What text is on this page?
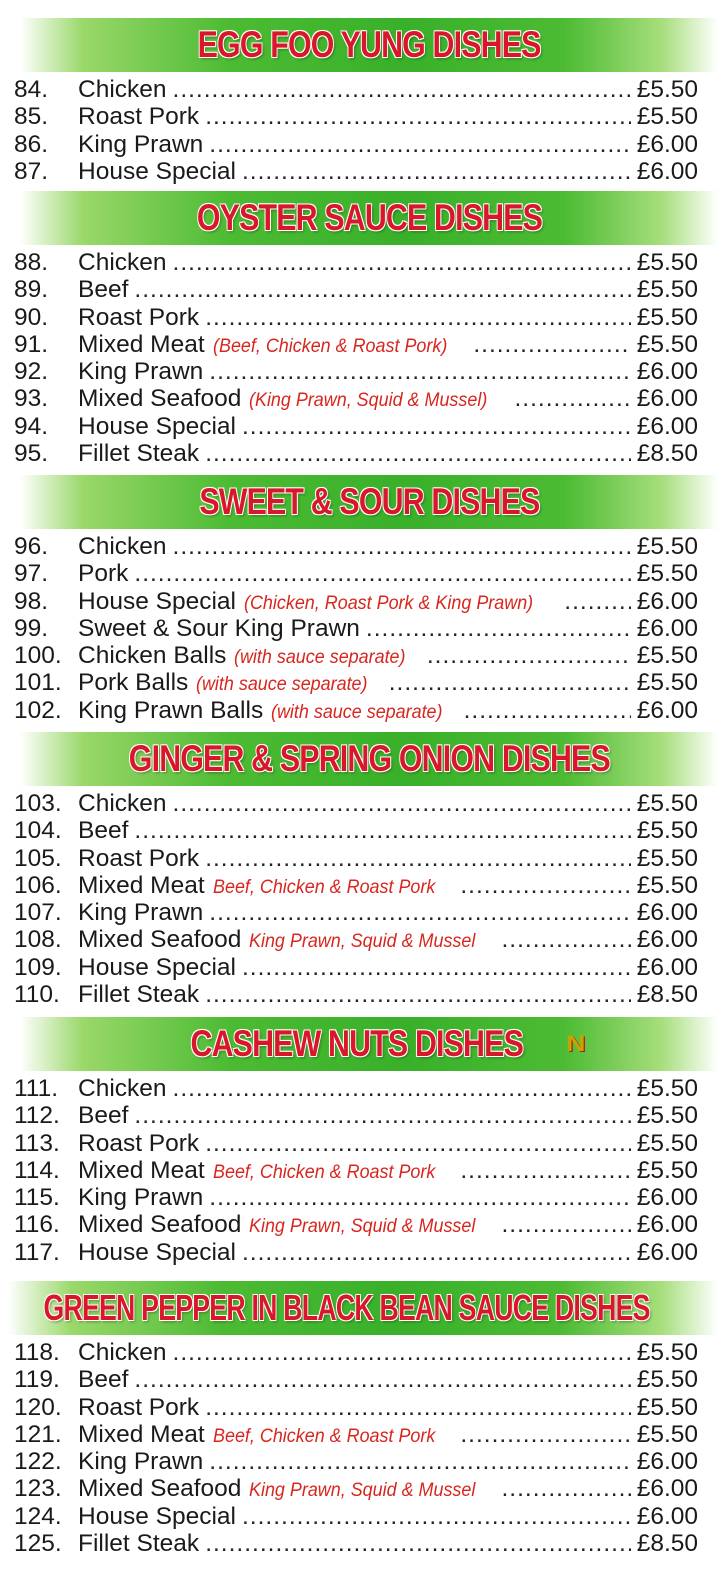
EGG FOO YUNG DISHES
84.	Chicken .....	£5.50
85.	Roast Pork .....	£5.50
86.	King Prawn .....	£6.00
87.	House Special .....	£6.00
OYSTER SAUCE DISHES
88.	Chicken .....	£5.50
89.	Beef .....	£5.50
90.	Roast Pork .....	£5.50
91.	Mixed Meat (Beef, Chicken & Roast Pork) .....	£5.50
92.	King Prawn .....	£6.00
93.	Mixed Seafood (King Prawn, Squid & Mussel) .....	£6.00
94.	House Special .....	£6.00
95.	Fillet Steak .....	£8.50
SWEET & SOUR DISHES
96.	Chicken .....	£5.50
97.	Pork .....	£5.50
98.	House Special (Chicken, Roast Pork & King Prawn) .....	£6.00
99.	Sweet & Sour King Prawn .....	£6.00
100. Chicken Balls (with sauce separate) .....	£5.50
101. Pork Balls (with sauce separate) .....	£5.50
102. King Prawn Balls (with sauce separate) .....	£6.00
GINGER & SPRING ONION DISHES
103. Chicken .....	£5.50
104. Beef .....	£5.50
105. Roast Pork .....	£5.50
106. Mixed Meat Beef, Chicken & Roast Pork .....	£5.50
107. King Prawn .....	£6.00
108. Mixed Seafood King Prawn, Squid & Mussel .....	£6.00
109. House Special .....	£6.00
110. Fillet Steak .....	£8.50
CASHEW NUTS DISHES N
111. Chicken .....	£5.50
112. Beef .....	£5.50
113. Roast Pork .....	£5.50
114. Mixed Meat Beef, Chicken & Roast Pork .....	£5.50
115. King Prawn .....	£6.00
116. Mixed Seafood King Prawn, Squid & Mussel .....	£6.00
117. House Special .....	£6.00
GREEN PEPPER IN BLACK BEAN SAUCE DISHES
118. Chicken .....	£5.50
119. Beef .....	£5.50
120. Roast Pork .....	£5.50
121. Mixed Meat Beef, Chicken & Roast Pork .....	£5.50
122. King Prawn .....	£6.00
123. Mixed Seafood King Prawn, Squid & Mussel .....	£6.00
124. House Special .....	£6.00
125. Fillet Steak .....	£8.50
